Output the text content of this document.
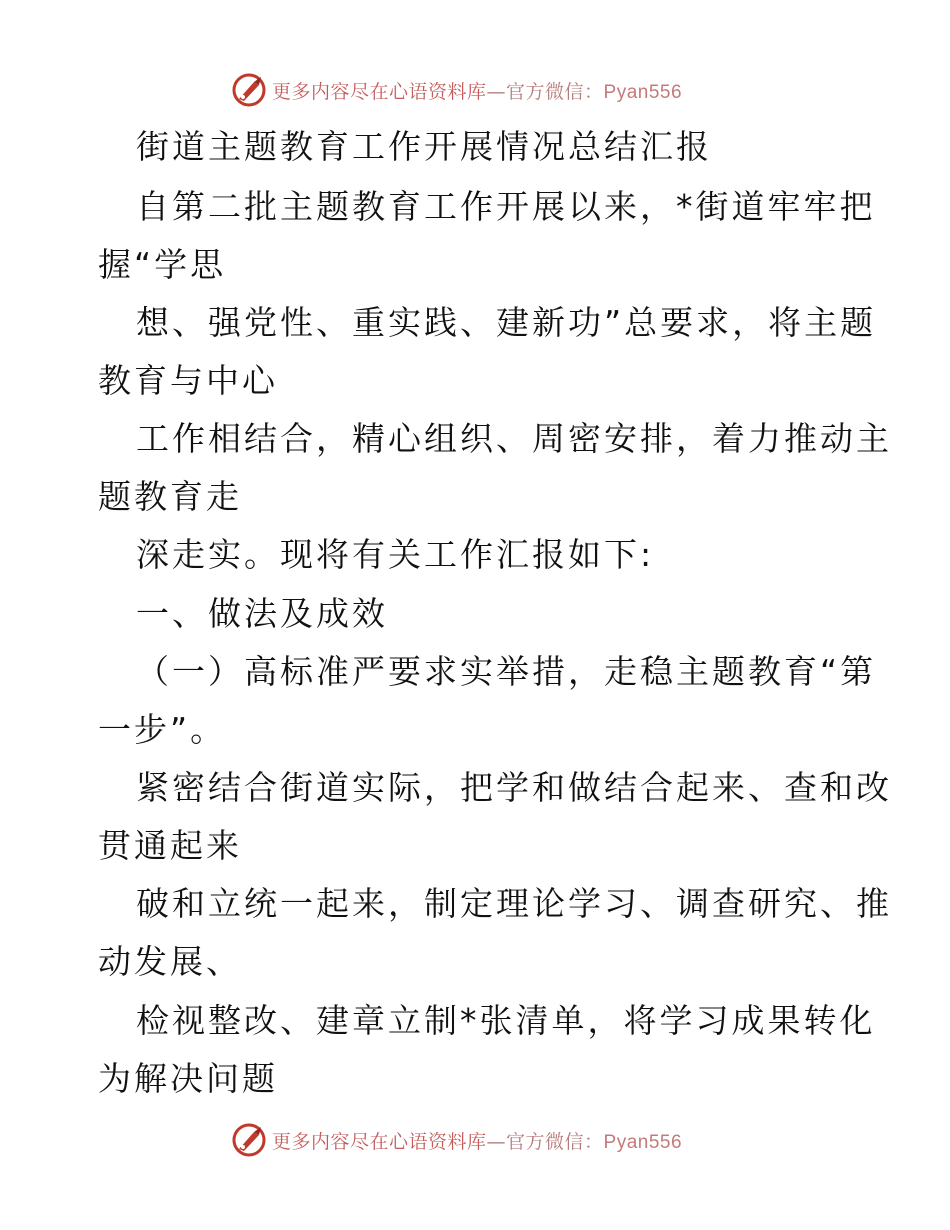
更多内容尽在心语资料库—官方微信：Pyan556
街道主题教育工作开展情况总结汇报
自第二批主题教育工作开展以来，*街道牢牢把
握“学思
想、强党性、重实践、建新功”总要求，将主题
教育与中心
工作相结合，精心组织、周密安排，着力推动主
题教育走
深走实。现将有关工作汇报如下:
一、做法及成效
（一）高标准严要求实举措，走稳主题教育“第
一步”。
紧密结合街道实际，把学和做结合起来、查和改
贯通起来
破和立统一起来，制定理论学习、调查研究、推
动发展、
检视整改、建章立制*张清单，将学习成果转化
为解决问题
更多内容尽在心语资料库—官方微信：Pyan556
